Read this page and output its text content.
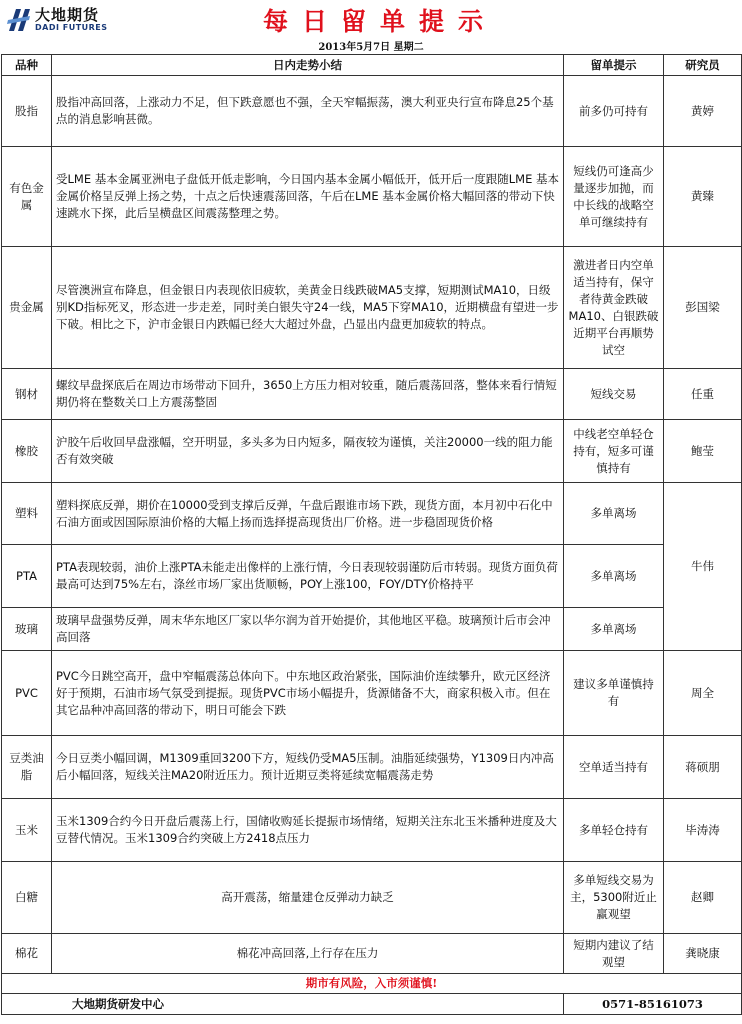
大地期货
DADI FUTURES	每日留单提示
2013年5月7日 星期二
品种	日内走势小结	留单提示	研究员
股指	股指冲高回落，上涨动力不足，但下跌意愿也不强，全天窄幅振荡，澳大利亚央行宣布降息25个基点的消息影响甚微。	前多仍可持有	黄婷
有色金属	受LME 基本金属亚洲电子盘低开低走影响，今日国内基本金属小幅低开，低开后一度跟随LME 基本金属价格呈反弹上扬之势，十点之后快速震荡回落，午后在LME 基本金属价格大幅回落的带动下快速跳水下探，此后呈横盘区间震荡整理之势。	短线仍可逢高少量逐步加抛，而中长线的战略空单可继续持有	黄臻
贵金属	尽管澳洲宣布降息，但金银日内表现依旧疲软，美黄金日线跌破MA5支撑，短期测试MA10，日级别KD指标死叉，形态进一步走差，同时美白银失守24一线，MA5下穿MA10，近期横盘有望进一步下破。相比之下，沪市金银日内跌幅已经大大超过外盘，凸显出内盘更加疲软的特点。	激进者日内空单适当持有，保守者待黄金跌破MA10、白银跌破近期平台再顺势试空	彭国梁
钢材	螺纹早盘探底后在周边市场带动下回升，3650上方压力相对较重，随后震荡回落，整体来看行情短期仍将在整数关口上方震荡整固	短线交易	任重
橡胶	沪胶午后收回早盘涨幅，空开明显，多头多为日内短多，隔夜较为谨慎，关注20000一线的阻力能否有效突破	中线老空单轻仓持有，短多可谨慎持有	鲍莹
塑料	塑料探底反弹，期价在10000受到支撑后反弹，午盘后跟谁市场下跌，现货方面，本月初中石化中石油方面或因国际原油价格的大幅上扬而选择提高现货出厂价格。进一步稳固现货价格	多单离场	牛伟
PTA	PTA表现较弱，油价上涨PTA未能走出像样的上涨行情，今日表现较弱谨防后市转弱。现货方面负荷最高可达到75%左右，涤丝市场厂家出货顺畅，POY上涨100，FOY/DTY价格持平	多单离场	
玻璃	玻璃早盘强势反弹，周末华东地区厂家以华尔润为首开始提价，其他地区平稳。玻璃预计后市会冲高回落	多单离场	
PVC	PVC今日跳空高开，盘中窄幅震荡总体向下。中东地区政治紧张，国际油价连续攀升，欧元区经济好于预期，石油市场气氛受到提振。现货PVC市场小幅提升，货源储备不大，商家积极入市。但在其它品种冲高回落的带动下，明日可能会下跌	建议多单谨慎持有	周全
豆类油脂	今日豆类小幅回调，M1309重回3200下方，短线仍受MA5压制。油脂延续强势，Y1309日内冲高后小幅回落，短线关注MA20附近压力。预计近期豆类将延续宽幅震荡走势	空单适当持有	蒋硕朋
玉米	玉米1309合约今日开盘后震荡上行，国储收购延长提振市场情绪，短期关注东北玉米播种进度及大豆替代情况。玉米1309合约突破上方2418点压力	多单轻仓持有	毕涛涛
白糖	高开震荡，缩量建仓反弹动力缺乏	多单短线交易为主，5300附近止赢观望	赵卿
棉花	棉花冲高回落,上行存在压力	短期内建议了结观望	龚晓康
期市有风险，入市须谨慎!			
大地期货研发中心		0571-85161073	
